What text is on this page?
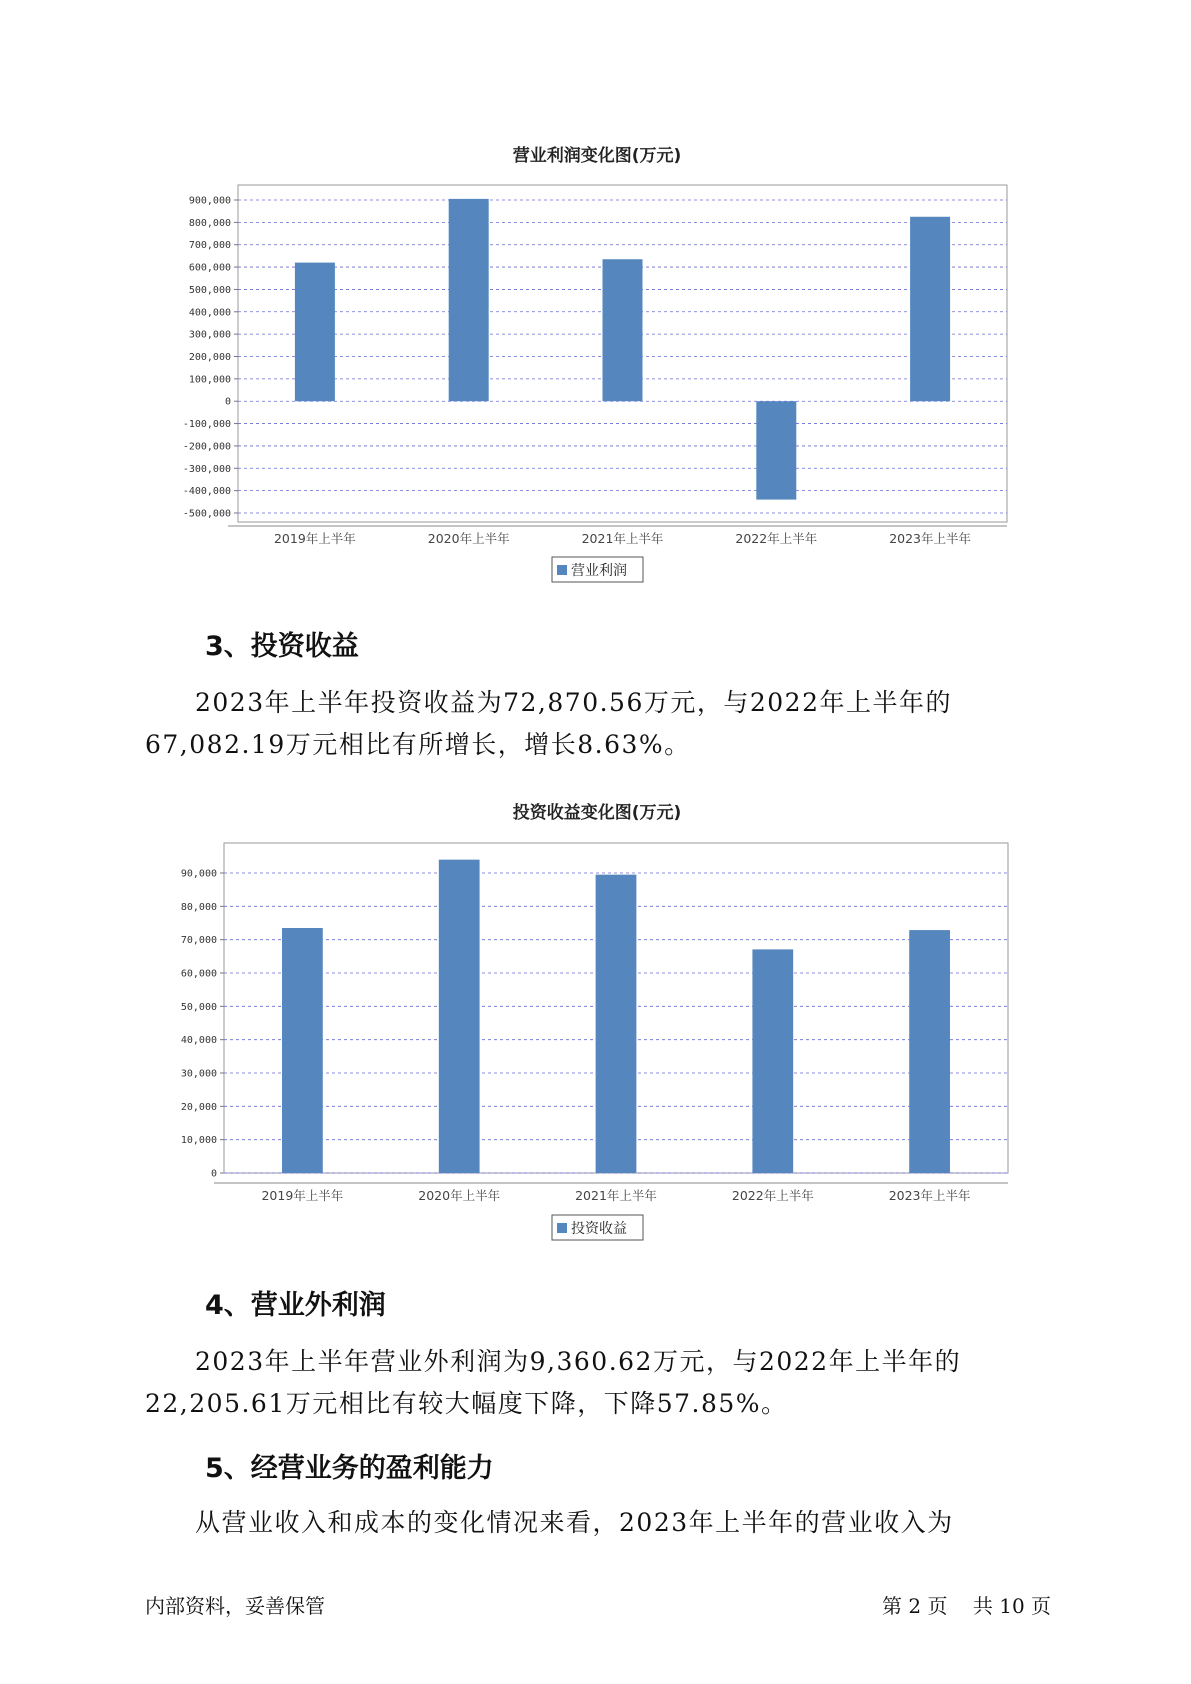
营业利润变化图(万元)
900,000
800,000
700,000
600,000
500,000
400,000
300,000
200,000
100,000
0
-100,000
-200,000
-300,000
-400,000
-500,000
2019年上半年	2020年上半年	2021年上半年	2022年上半年	2023年上半年
营业利润
3、投资收益

2023年上半年投资收益为72,870.56万元，与2022年上半年的67,082.19万元相比有所增长，增长8.63%。

投资收益变化图(万元)
90,000
80,000
70,000
60,000
50,000
40,000
30,000
20,000
10,000
0
2019年上半年	2020年上半年	2021年上半年	2022年上半年	2023年上半年
投资收益
4、营业外利润

2023年上半年营业外利润为9,360.62万元，与2022年上半年的22,205.61万元相比有较大幅度下降，下降57.85%。

5、经营业务的盈利能力

从营业收入和成本的变化情况来看，2023年上半年的营业收入为

内部资料，妥善保管	第 2 页 共 10 页
